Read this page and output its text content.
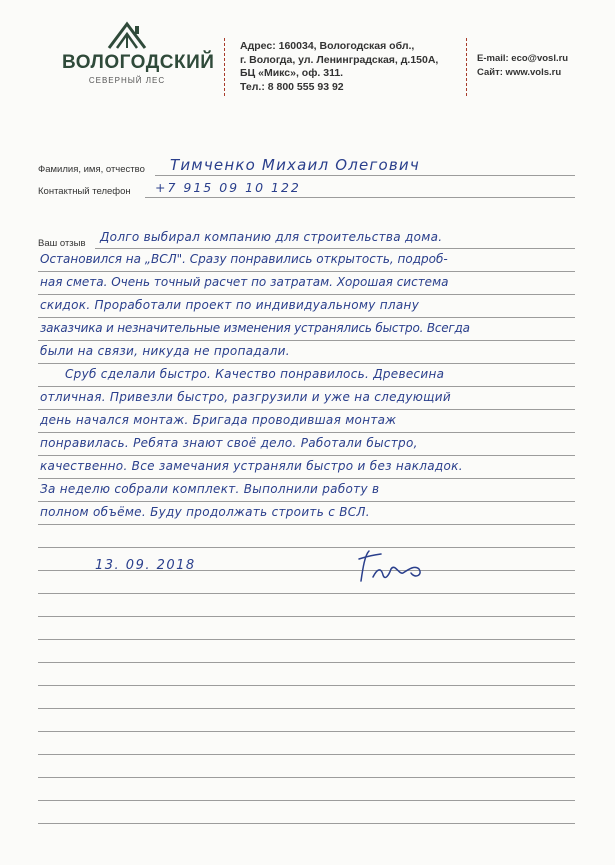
ВОЛОГОДСКИЙ
СЕВЕРНЫЙ ЛЕС
Адрес: 160034, Вологодская обл.,
г. Вологда, ул. Ленинградская, д.150А,
БЦ «Микс», оф. 311.
Тел.: 8 800 555 93 92
E-mail: eco@vosl.ru
Сайт: www.vols.ru
Фамилия, имя, отчество
Контактный телефон
Ваш отзыв
Тимченко Михаил Олегович
+7 915 09 10 122
Долго выбирал компанию для строительства дома.
Остановился на „ВСЛ". Сразу понравились открытость, подроб-
ная смета. Очень точный расчет по затратам. Хорошая система
скидок. Проработали проект по индивидуальному плану
заказчика и незначительные изменения устранялись быстро. Всегда
были на связи, никуда не пропадали.
Сруб сделали быстро. Качество понравилось. Древесина
отличная. Привезли быстро, разгрузили и уже на следующий
день начался монтаж. Бригада проводившая монтаж
понравилась. Ребята знают своё дело. Работали быстро,
качественно. Все замечания устраняли быстро и без накладок.
За неделю собрали комплект. Выполнили работу в
полном объёме. Буду продолжать строить с ВСЛ.
13. 09. 2018
